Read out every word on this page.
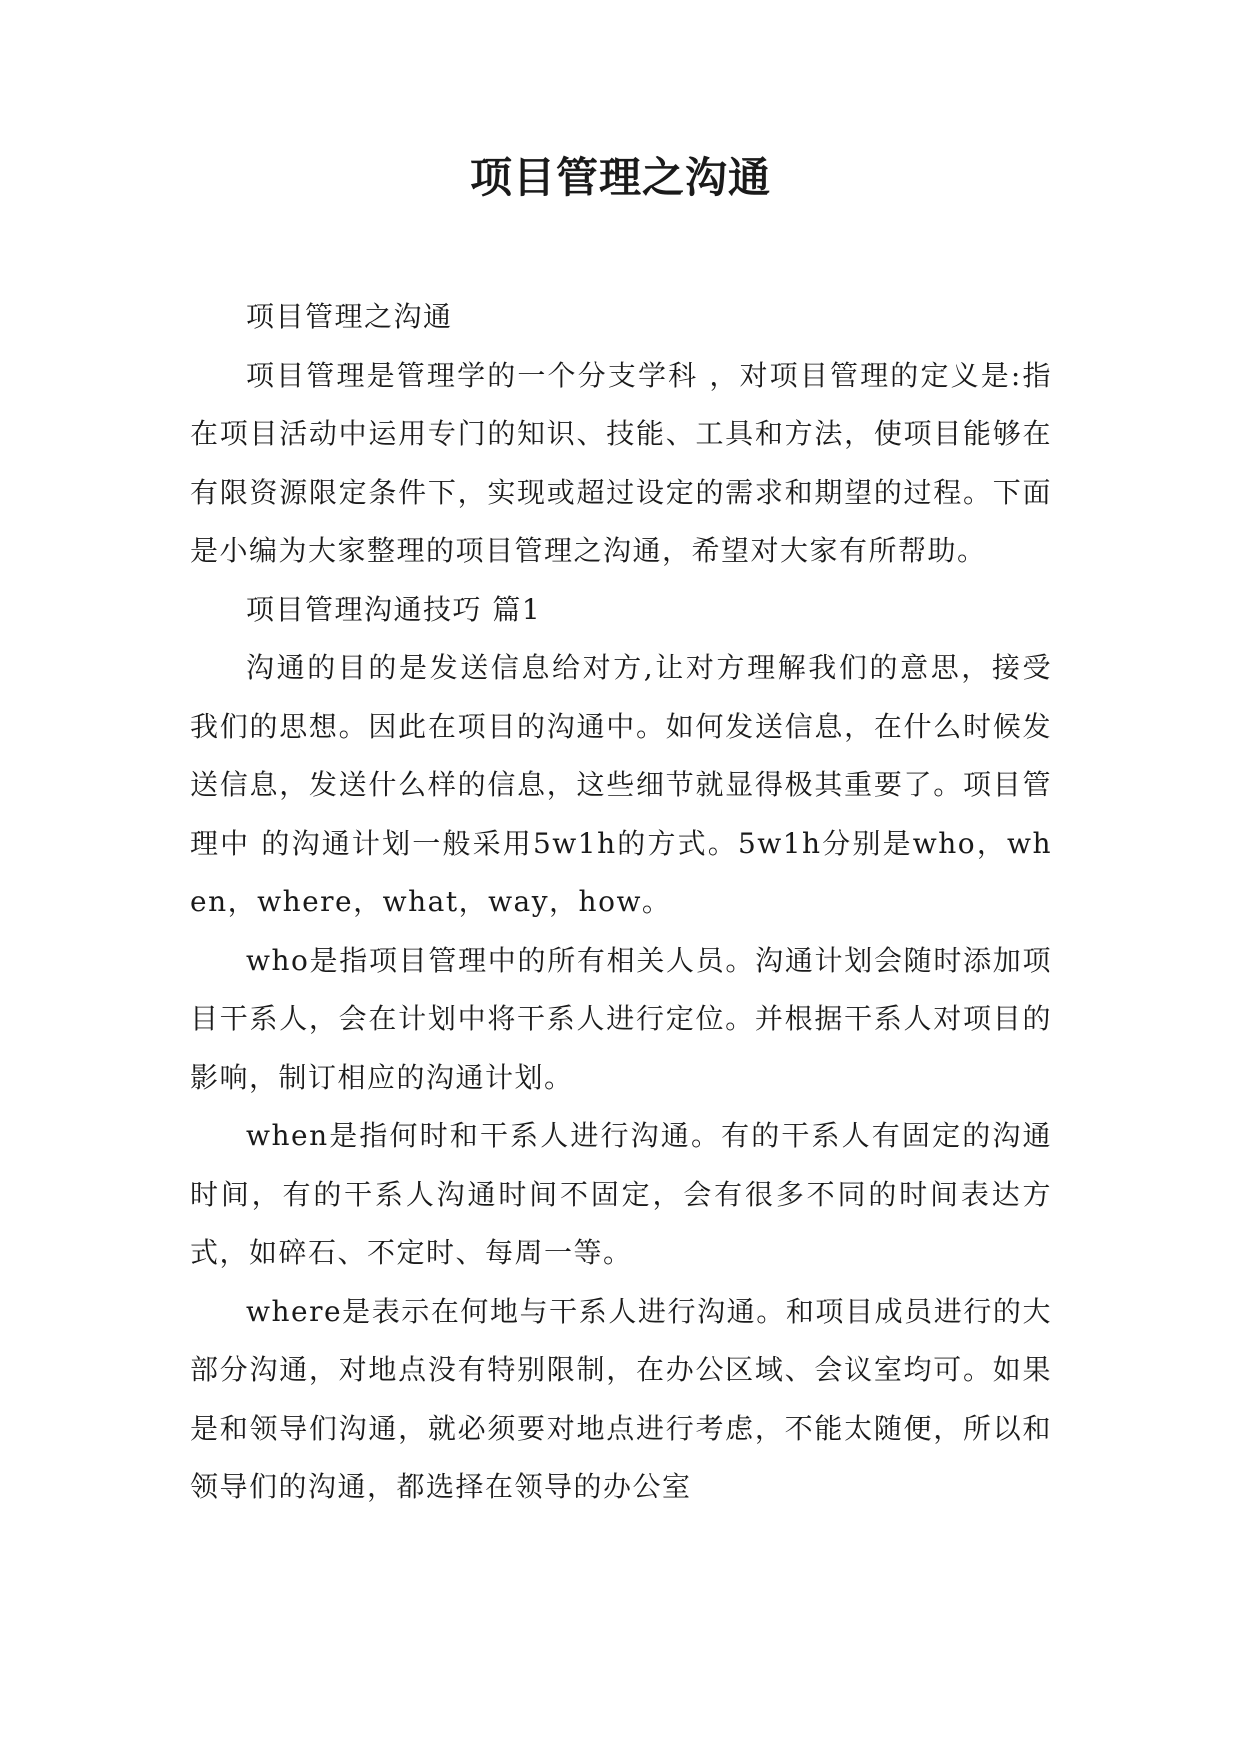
项目管理之沟通

项目管理之沟通

项目管理是管理学的一个分支学科 ，对项目管理的定义是:指在项目活动中运用专门的知识、技能、工具和方法，使项目能够在有限资源限定条件下，实现或超过设定的需求和期望的过程。下面是小编为大家整理的项目管理之沟通，希望对大家有所帮助。

项目管理沟通技巧 篇1

沟通的目的是发送信息给对方,让对方理解我们的意思，接受我们的思想。因此在项目的沟通中。如何发送信息，在什么时候发送信息，发送什么样的信息，这些细节就显得极其重要了。项目管理中 的沟通计划一般采用5w1h的方式。5w1h分别是who，when，where，what，way，how。

who是指项目管理中的所有相关人员。沟通计划会随时添加项目干系人，会在计划中将干系人进行定位。并根据干系人对项目的影响，制订相应的沟通计划。

when是指何时和干系人进行沟通。有的干系人有固定的沟通时间，有的干系人沟通时间不固定，会有很多不同的时间表达方式，如碎石、不定时、每周一等。

where是表示在何地与干系人进行沟通。和项目成员进行的大部分沟通，对地点没有特别限制，在办公区域、会议室均可。如果是和领导们沟通，就必须要对地点进行考虑，不能太随便，所以和领导们的沟通，都选择在领导的办公室
